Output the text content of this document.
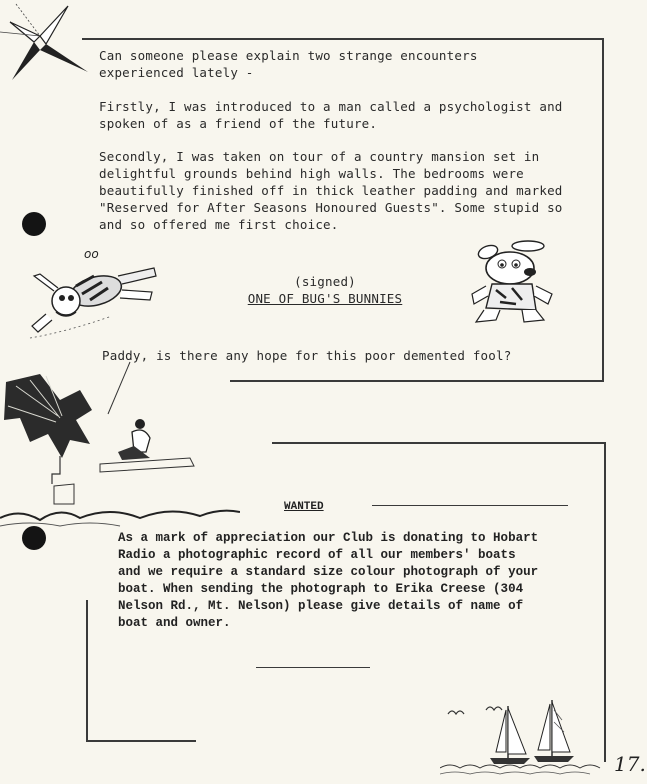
Can someone please explain two strange encounters experienced lately -
Firstly, I was introduced to a man called a psychologist and spoken of as a friend of the future.
Secondly, I was taken on tour of a country mansion set in delightful grounds behind high walls. The bedrooms were beautifully finished off in thick leather padding and marked "Reserved for After Seasons Honoured Guests". Some stupid so and so offered me first choice.
(signed)
ONE OF BUG'S BUNNIES
oo
Paddy, is there any hope for this poor demented fool?
WANTED
As a mark of appreciation our Club is donating to Hobart Radio a photographic record of all our members' boats and we require a standard size colour photograph of your boat. When sending the photograph to Erika Creese (304 Nelson Rd., Mt. Nelson) please give details of name of boat and owner.
17.
